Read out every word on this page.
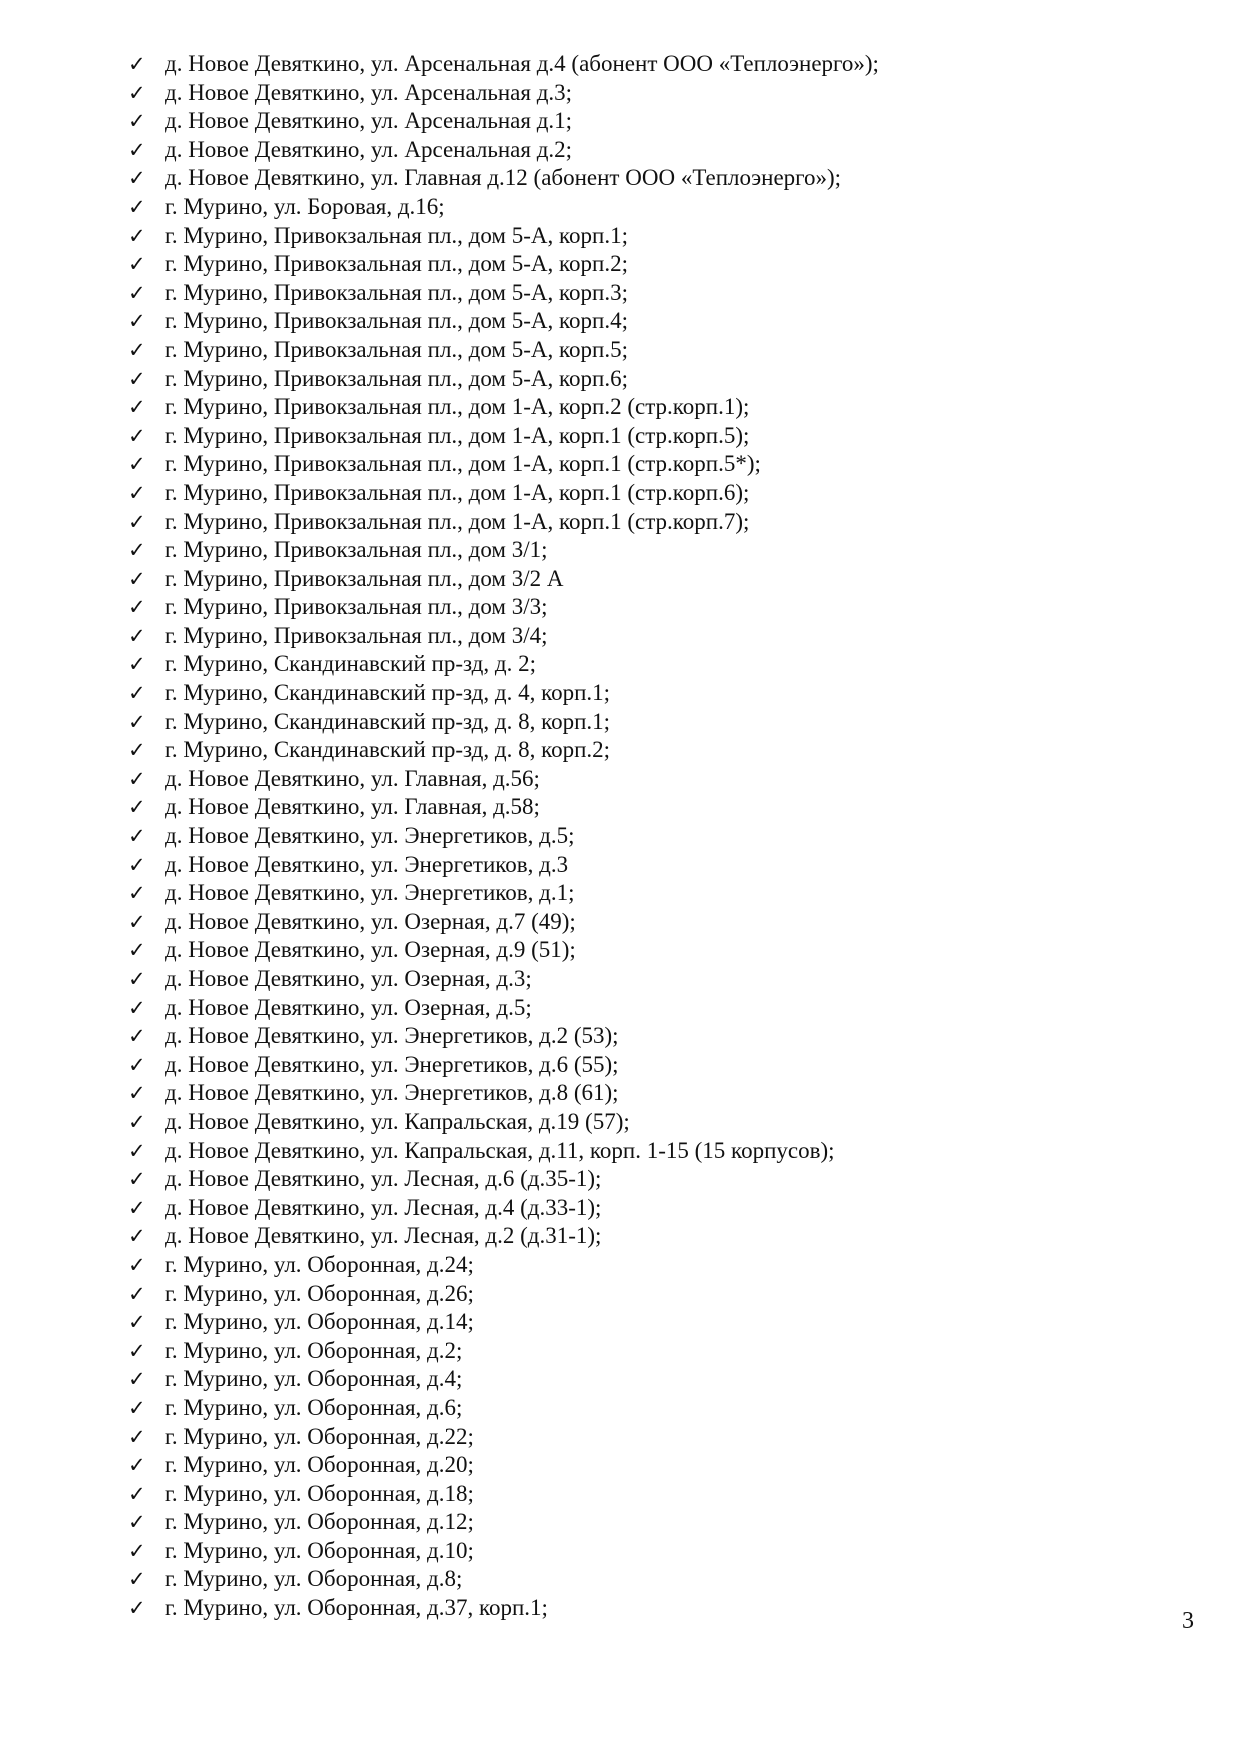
✓ д. Новое Девяткино, ул. Арсенальная д.4 (абонент ООО «Теплоэнерго»);
✓ д. Новое Девяткино, ул. Арсенальная д.3;
✓ д. Новое Девяткино, ул. Арсенальная д.1;
✓ д. Новое Девяткино, ул. Арсенальная д.2;
✓ д. Новое Девяткино, ул. Главная д.12 (абонент ООО «Теплоэнерго»);
✓ г. Мурино, ул. Боровая, д.16;
✓ г. Мурино, Привокзальная пл., дом 5-А, корп.1;
✓ г. Мурино, Привокзальная пл., дом 5-А, корп.2;
✓ г. Мурино, Привокзальная пл., дом 5-А, корп.3;
✓ г. Мурино, Привокзальная пл., дом 5-А, корп.4;
✓ г. Мурино, Привокзальная пл., дом 5-А, корп.5;
✓ г. Мурино, Привокзальная пл., дом 5-А, корп.6;
✓ г. Мурино, Привокзальная пл., дом 1-А, корп.2 (стр.корп.1);
✓ г. Мурино, Привокзальная пл., дом 1-А, корп.1 (стр.корп.5);
✓ г. Мурино, Привокзальная пл., дом 1-А, корп.1 (стр.корп.5*);
✓ г. Мурино, Привокзальная пл., дом 1-А, корп.1 (стр.корп.6);
✓ г. Мурино, Привокзальная пл., дом 1-А, корп.1 (стр.корп.7);
✓ г. Мурино, Привокзальная пл., дом 3/1;
✓ г. Мурино, Привокзальная пл., дом 3/2 А
✓ г. Мурино, Привокзальная пл., дом 3/3;
✓ г. Мурино, Привокзальная пл., дом 3/4;
✓ г. Мурино, Скандинавский пр-зд, д. 2;
✓ г. Мурино, Скандинавский пр-зд, д. 4, корп.1;
✓ г. Мурино, Скандинавский пр-зд, д. 8, корп.1;
✓ г. Мурино, Скандинавский пр-зд, д. 8, корп.2;
✓ д. Новое Девяткино, ул. Главная, д.56;
✓ д. Новое Девяткино, ул. Главная, д.58;
✓ д. Новое Девяткино, ул. Энергетиков, д.5;
✓ д. Новое Девяткино, ул. Энергетиков, д.3
✓ д. Новое Девяткино, ул. Энергетиков, д.1;
✓ д. Новое Девяткино, ул. Озерная, д.7 (49);
✓ д. Новое Девяткино, ул. Озерная, д.9 (51);
✓ д. Новое Девяткино, ул. Озерная, д.3;
✓ д. Новое Девяткино, ул. Озерная, д.5;
✓ д. Новое Девяткино, ул. Энергетиков, д.2 (53);
✓ д. Новое Девяткино, ул. Энергетиков, д.6 (55);
✓ д. Новое Девяткино, ул. Энергетиков, д.8 (61);
✓ д. Новое Девяткино, ул. Капральская, д.19 (57);
✓ д. Новое Девяткино, ул. Капральская, д.11, корп. 1-15 (15 корпусов);
✓ д. Новое Девяткино, ул. Лесная, д.6 (д.35-1);
✓ д. Новое Девяткино, ул. Лесная, д.4 (д.33-1);
✓ д. Новое Девяткино, ул. Лесная, д.2 (д.31-1);
✓ г. Мурино, ул. Оборонная, д.24;
✓ г. Мурино, ул. Оборонная, д.26;
✓ г. Мурино, ул. Оборонная, д.14;
✓ г. Мурино, ул. Оборонная, д.2;
✓ г. Мурино, ул. Оборонная, д.4;
✓ г. Мурино, ул. Оборонная, д.6;
✓ г. Мурино, ул. Оборонная, д.22;
✓ г. Мурино, ул. Оборонная, д.20;
✓ г. Мурино, ул. Оборонная, д.18;
✓ г. Мурино, ул. Оборонная, д.12;
✓ г. Мурино, ул. Оборонная, д.10;
✓ г. Мурино, ул. Оборонная, д.8;
✓ г. Мурино, ул. Оборонная, д.37, корп.1;
3
